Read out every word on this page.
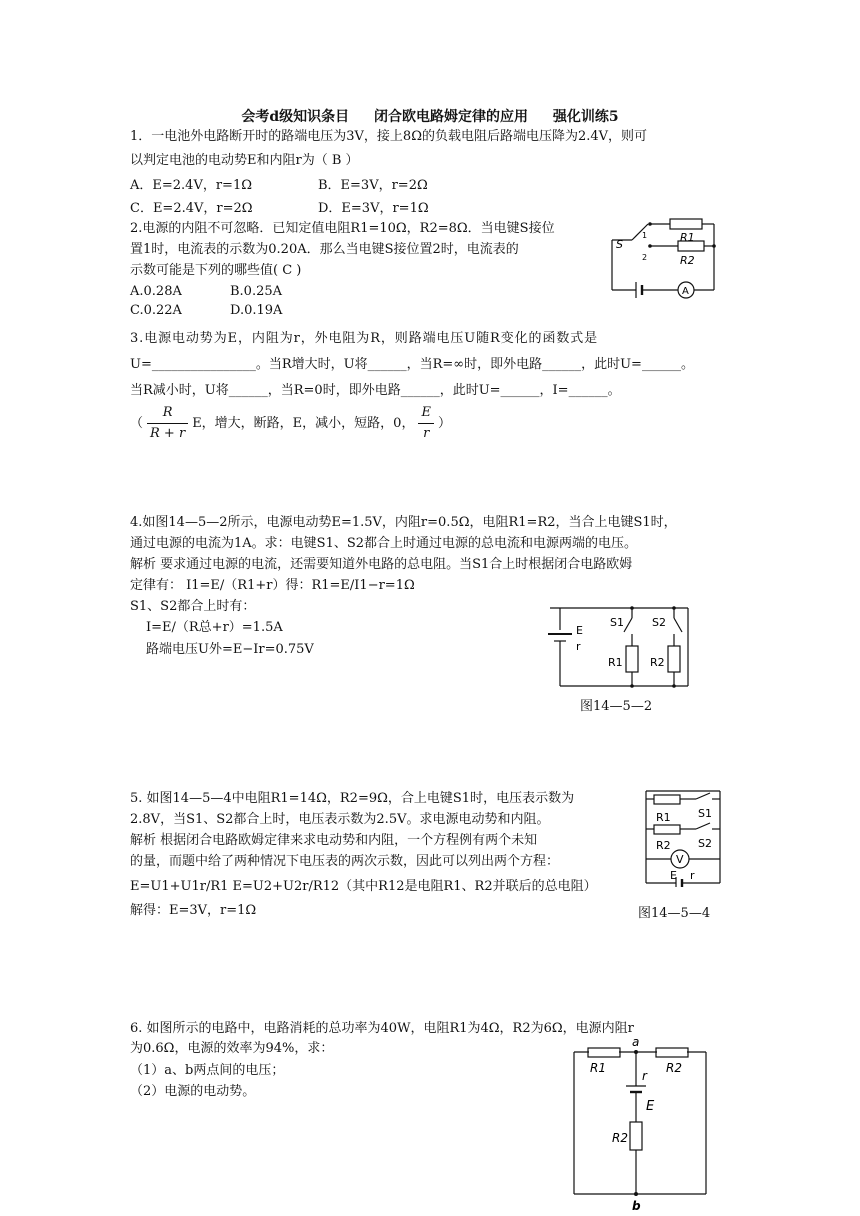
会考d级知识条目 闭合欧电路姆定律的应用 强化训练5
1．一电池外电路断开时的路端电压为3V，接上8Ω的负载电阻后路端电压降为2.4V，则可
以判定电池的电动势E和内阻r为（ B ）
A．E=2.4V，r=1Ω	B．E=3V，r=2Ω
C．E=2.4V，r=2Ω	D．E=3V，r=1Ω
2.电源的内阻不可忽略．已知定值电阻R1=10Ω，R2=8Ω．当电键S接位
置1时，电流表的示数为0.20A．那么当电键S接位置2时，电流表的
示数可能是下列的哪些值( C )
A.0.28A	B.0.25A
C.0.22A	D.0.19A
S
1
2
R1
R2
A
3.电源电动势为E，内阻为r，外电阻为R，则路端电压U随R变化的函数式是
U=________________。当R增大时，U将______，当R=∞时，即外电路______，此时U=______。
当R减小时，U将______，当R=0时，即外电路______，此时U=______，I=______。
（ $\frac{R}{R + r}$ E，增大，断路，E，减小，短路，0， $\frac{E}{r}$ ）
4.如图14—5—2所示，电源电动势E=1.5V，内阻r=0.5Ω，电阻R1=R2，当合上电键S1时，
通过电源的电流为1A。求：电键S1、S2都合上时通过电源的总电流和电源两端的电压。
解析 要求通过电源的电流，还需要知道外电路的总电阻。当S1合上时根据闭合电路欧姆
定律有： I1=E/（R1+r）得：R1=E/I1−r=1Ω
S1、S2都合上时有：
I=E/（R总+r）=1.5A
路端电压U外=E−Ir=0.75V
E
r
S1	S2
R1 R2
图14—5—2
5. 如图14—5—4中电阻R1=14Ω，R2=9Ω，合上电键S1时，电压表示数为
2.8V，当S1、S2都合上时，电压表示数为2.5V。求电源电动势和内阻。
解析 根据闭合电路欧姆定律来求电动势和内阻，一个方程例有两个未知
的量，而题中给了两种情况下电压表的两次示数，因此可以列出两个方程：
E=U1+U1r/R1 E=U2+U2r/R12（其中R12是电阻R1、R2并联后的总电阻）
解得：E=3V，r=1Ω
R1
R2
S1
S2
V
E r
图14—5—4
6. 如图所示的电路中，电路消耗的总功率为40W，电阻R1为4Ω，R2为6Ω，电源内阻r
为0.6Ω，电源的效率为94%，求：
（1）a、b两点间的电压；
（2）电源的电动势。
a
b
R1	R2
r
E
R2
